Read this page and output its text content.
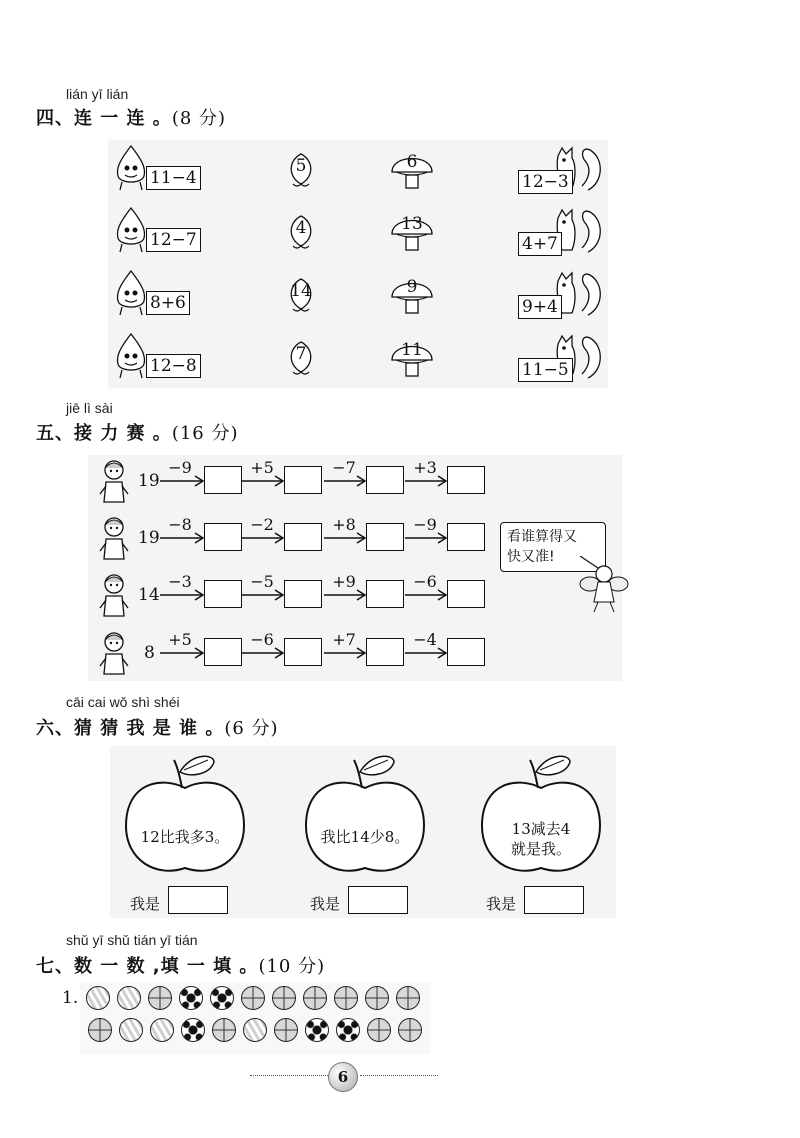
lián yī lián
四、连 一 连 。(8 分)
11−4
12−7
8+6
12−8
5
4
14
7
6
13
9
11
12−3
4+7
9+4
11−5
jiē lì sài
五、接 力 赛 。(16 分)
19
−9	+5	−7	+3
19
−8	−2	+8	−9
14
−3	−5	+9	−6
8
+5	−6	+7	−4
看谁算得又
快又准!
cāi cai wǒ shì shéi
六、猜 猜 我 是 谁 。(6 分)
12比我多3。
我是
我比14少8。
我是
13减去4
就是我。
我是
shǔ yī shǔ tián yī tián
七、数 一 数 ,填 一 填 。(10 分)
1.
6
